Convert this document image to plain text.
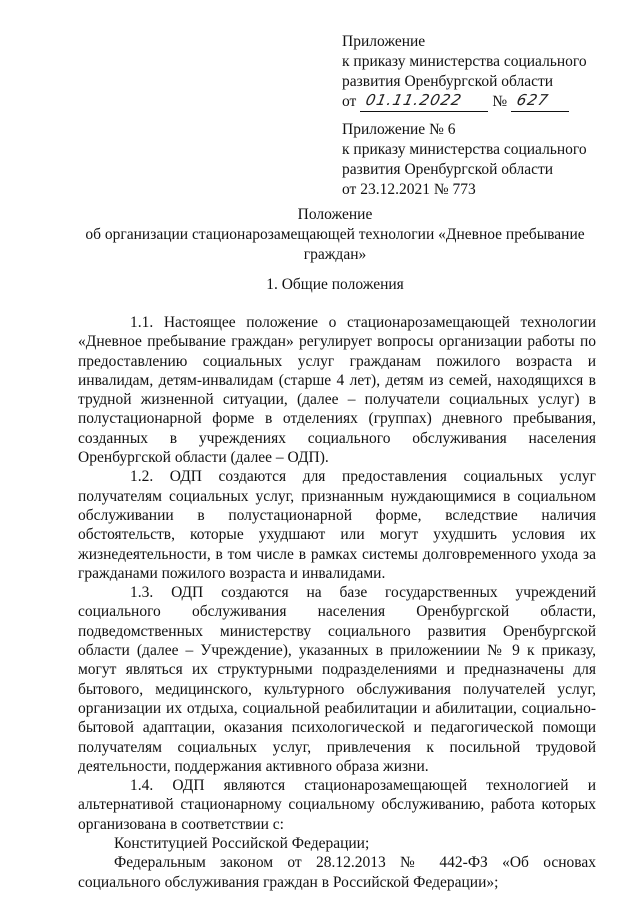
Приложение
к приказу министерства социального
развития Оренбургской области
от 01.11.2022 № 627
Приложение № 6
к приказу министерства социального
развития Оренбургской области
от 23.12.2021 № 773
Положение
об организации стационарозамещающей технологии «Дневное пребывание граждан»
1. Общие положения

1.1. Настоящее положение о стационарозамещающей технологии «Дневное пребывание граждан» регулирует вопросы организации работы по предоставлению социальных услуг гражданам пожилого возраста и инвалидам, детям-инвалидам (старше 4 лет), детям из семей, находящихся в трудной жизненной ситуации, (далее – получатели социальных услуг) в полустационарной форме в отделениях (группах) дневного пребывания, созданных в учреждениях социального обслуживания населения Оренбургской области (далее – ОДП).

1.2. ОДП создаются для предоставления социальных услуг получателям социальных услуг, признанным нуждающимися в социальном обслуживании в полустационарной форме, вследствие наличия обстоятельств, которые ухудшают или могут ухудшить условия их жизнедеятельности, в том числе в рамках системы долговременного ухода за гражданами пожилого возраста и инвалидами.

1.3. ОДП создаются на базе государственных учреждений социального обслуживания населения Оренбургской области, подведомственных министерству социального развития Оренбургской области (далее – Учреждение), указанных в приложениии № 9 к приказу, могут являться их структурными подразделениями и предназначены для бытового, медицинского, культурного обслуживания получателей услуг, организации их отдыха, социальной реабилитации и абилитации, социально-бытовой адаптации, оказания психологической и педагогической помощи получателям социальных услуг, привлечения к посильной трудовой деятельности, поддержания активного образа жизни.

1.4. ОДП являются стационарозамещающей технологией и альтернативой стационарному социальному обслуживанию, работа которых организована в соответствии с:

Конституцией Российской Федерации;

Федеральным законом от 28.12.2013 № 442-ФЗ «Об основах социального обслуживания граждан в Российской Федерации»;
